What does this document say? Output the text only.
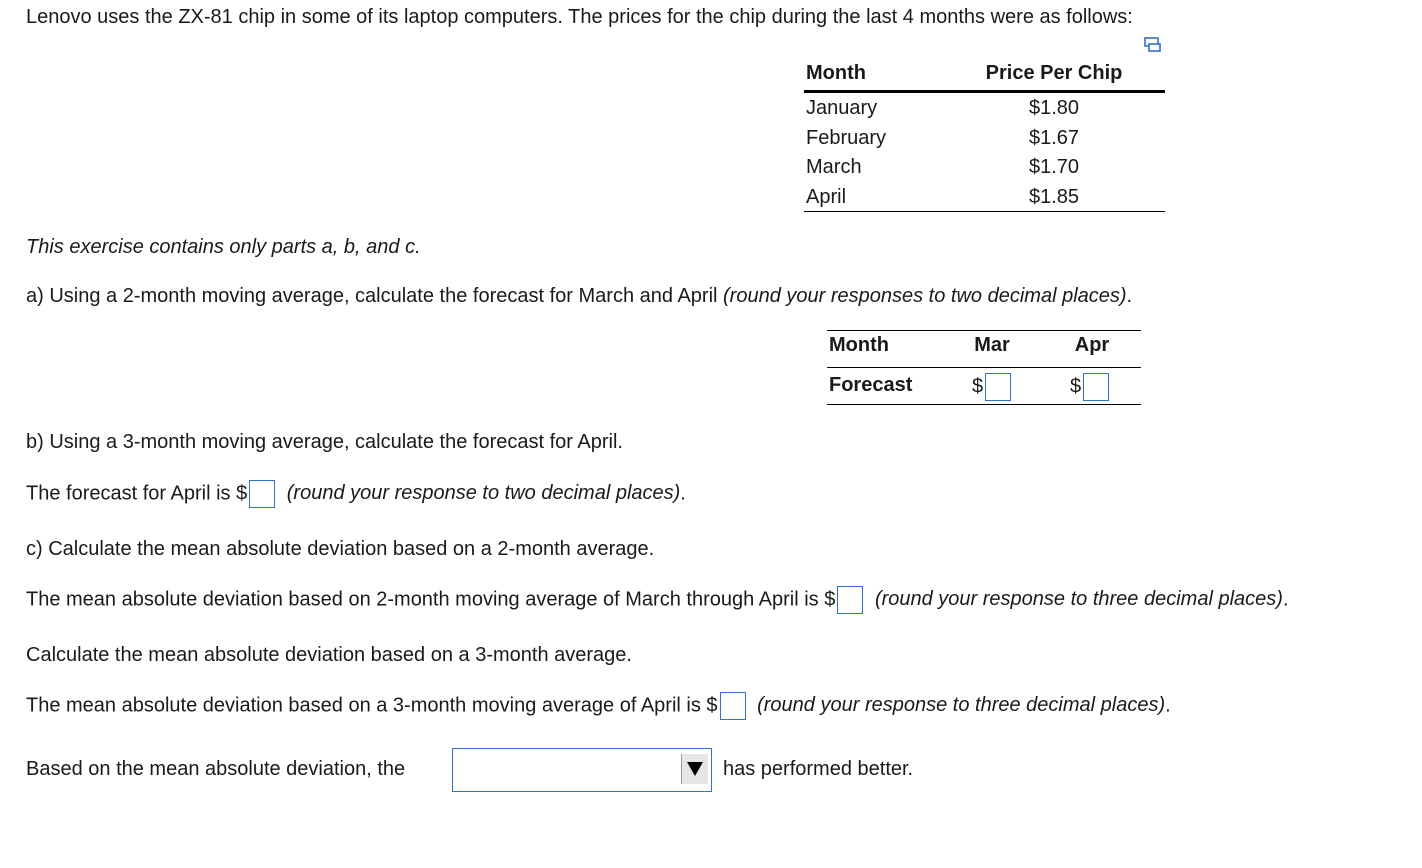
Lenovo uses the ZX-81 chip in some of its laptop computers. The prices for the chip during the last 4 months were as follows:
Month	Price Per Chip
January	$1.80
February	$1.67
March	$1.70
April	$1.85
This exercise contains only parts a, b, and c.
a) Using a 2-month moving average, calculate the forecast for March and April (round your responses to two decimal places).
Month	Mar	Apr
Forecast	$	$
b) Using a 3-month moving average, calculate the forecast for April.
The forecast for April is $ (round your response to two decimal places).
c) Calculate the mean absolute deviation based on a 2-month average.
The mean absolute deviation based on 2-month moving average of March through April is $ (round your response to three decimal places).
Calculate the mean absolute deviation based on a 3-month average.
The mean absolute deviation based on a 3-month moving average of April is $ (round your response to three decimal places).
Based on the mean absolute deviation, the	has performed better.
